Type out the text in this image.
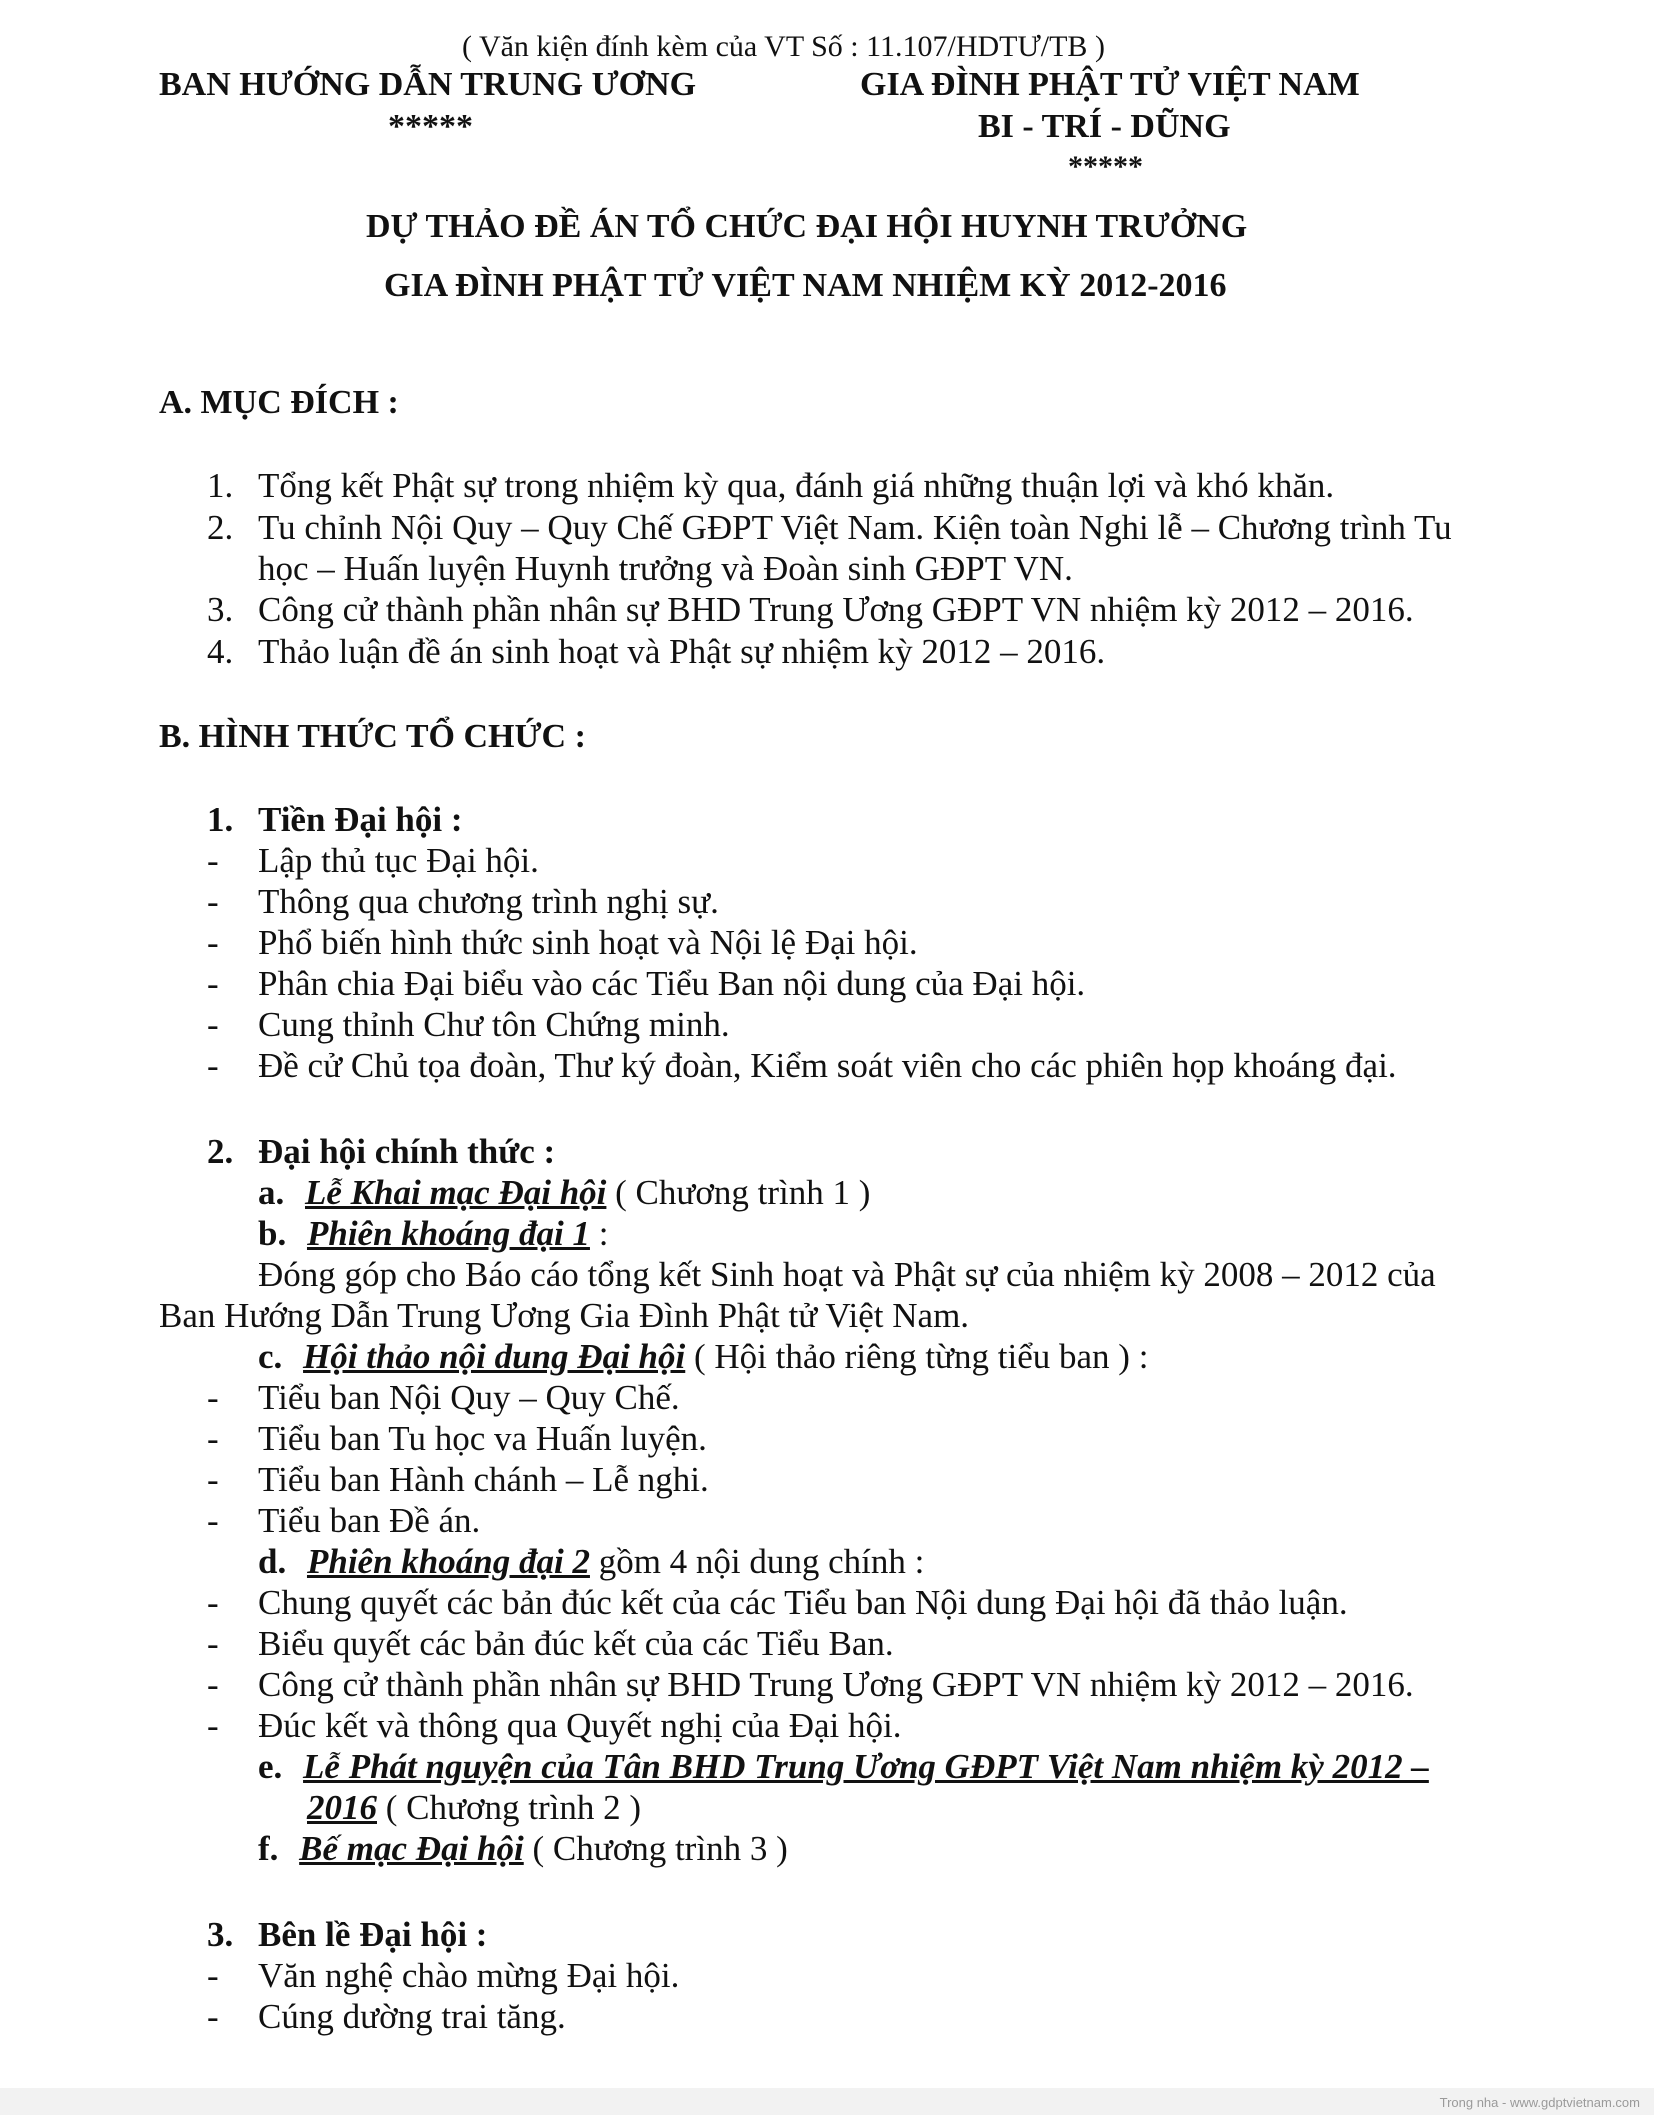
( Văn kiện đính kèm của VT Số : 11.107/HDTƯ/TB )
BAN HƯỚNG DẪN TRUNG ƯƠNG
*****
GIA ĐÌNH PHẬT TỬ VIỆT NAM
BI - TRÍ - DŨNG
*****
DỰ THẢO ĐỀ ÁN TỔ CHỨC ĐẠI HỘI HUYNH TRƯỞNG
GIA ĐÌNH PHẬT TỬ VIỆT NAM NHIỆM KỲ 2012-2016
A. MỤC ĐÍCH :
1. Tổng kết Phật sự trong nhiệm kỳ qua, đánh giá những thuận lợi và khó khăn.
2. Tu chỉnh Nội Quy – Quy Chế GĐPT Việt Nam. Kiện toàn Nghi lễ – Chương trình Tu
học – Huấn luyện Huynh trưởng và Đoàn sinh GĐPT VN.
3. Công cử thành phần nhân sự BHD Trung Ương GĐPT VN nhiệm kỳ 2012 – 2016.
4. Thảo luận đề án sinh hoạt và Phật sự nhiệm kỳ 2012 – 2016.
B. HÌNH THỨC TỔ CHỨC :
1. Tiền Đại hội :
- Lập thủ tục Đại hội.
- Thông qua chương trình nghị sự.
- Phổ biến hình thức sinh hoạt và Nội lệ Đại hội.
- Phân chia Đại biểu vào các Tiểu Ban nội dung của Đại hội.
- Cung thỉnh Chư tôn Chứng minh.
- Đề cử Chủ tọa đoàn, Thư ký đoàn, Kiểm soát viên cho các phiên họp khoáng đại.
2. Đại hội chính thức :
a. Lễ Khai mạc Đại hội ( Chương trình 1 )
b. Phiên khoáng đại 1 :
Đóng góp cho Báo cáo tổng kết Sinh hoạt và Phật sự của nhiệm kỳ 2008 – 2012 của
Ban Hướng Dẫn Trung Ương Gia Đình Phật tử Việt Nam.
c. Hội thảo nội dung Đại hội ( Hội thảo riêng từng tiểu ban ) :
- Tiểu ban Nội Quy – Quy Chế.
- Tiểu ban Tu học va Huấn luyện.
- Tiểu ban Hành chánh – Lễ nghi.
- Tiểu ban Đề án.
d. Phiên khoáng đại 2 gồm 4 nội dung chính :
- Chung quyết các bản đúc kết của các Tiểu ban Nội dung Đại hội đã thảo luận.
- Biểu quyết các bản đúc kết của các Tiểu Ban.
- Công cử thành phần nhân sự BHD Trung Ương GĐPT VN nhiệm kỳ 2012 – 2016.
- Đúc kết và thông qua Quyết nghị của Đại hội.
e. Lễ Phát nguyện của Tân BHD Trung Ương GĐPT Việt Nam nhiệm kỳ 2012 –
2016 ( Chương trình 2 )
f. Bế mạc Đại hội ( Chương trình 3 )
3. Bên lề Đại hội :
- Văn nghệ chào mừng Đại hội.
- Cúng dường trai tăng.
Trong nha - www.gdptvietnam.com
